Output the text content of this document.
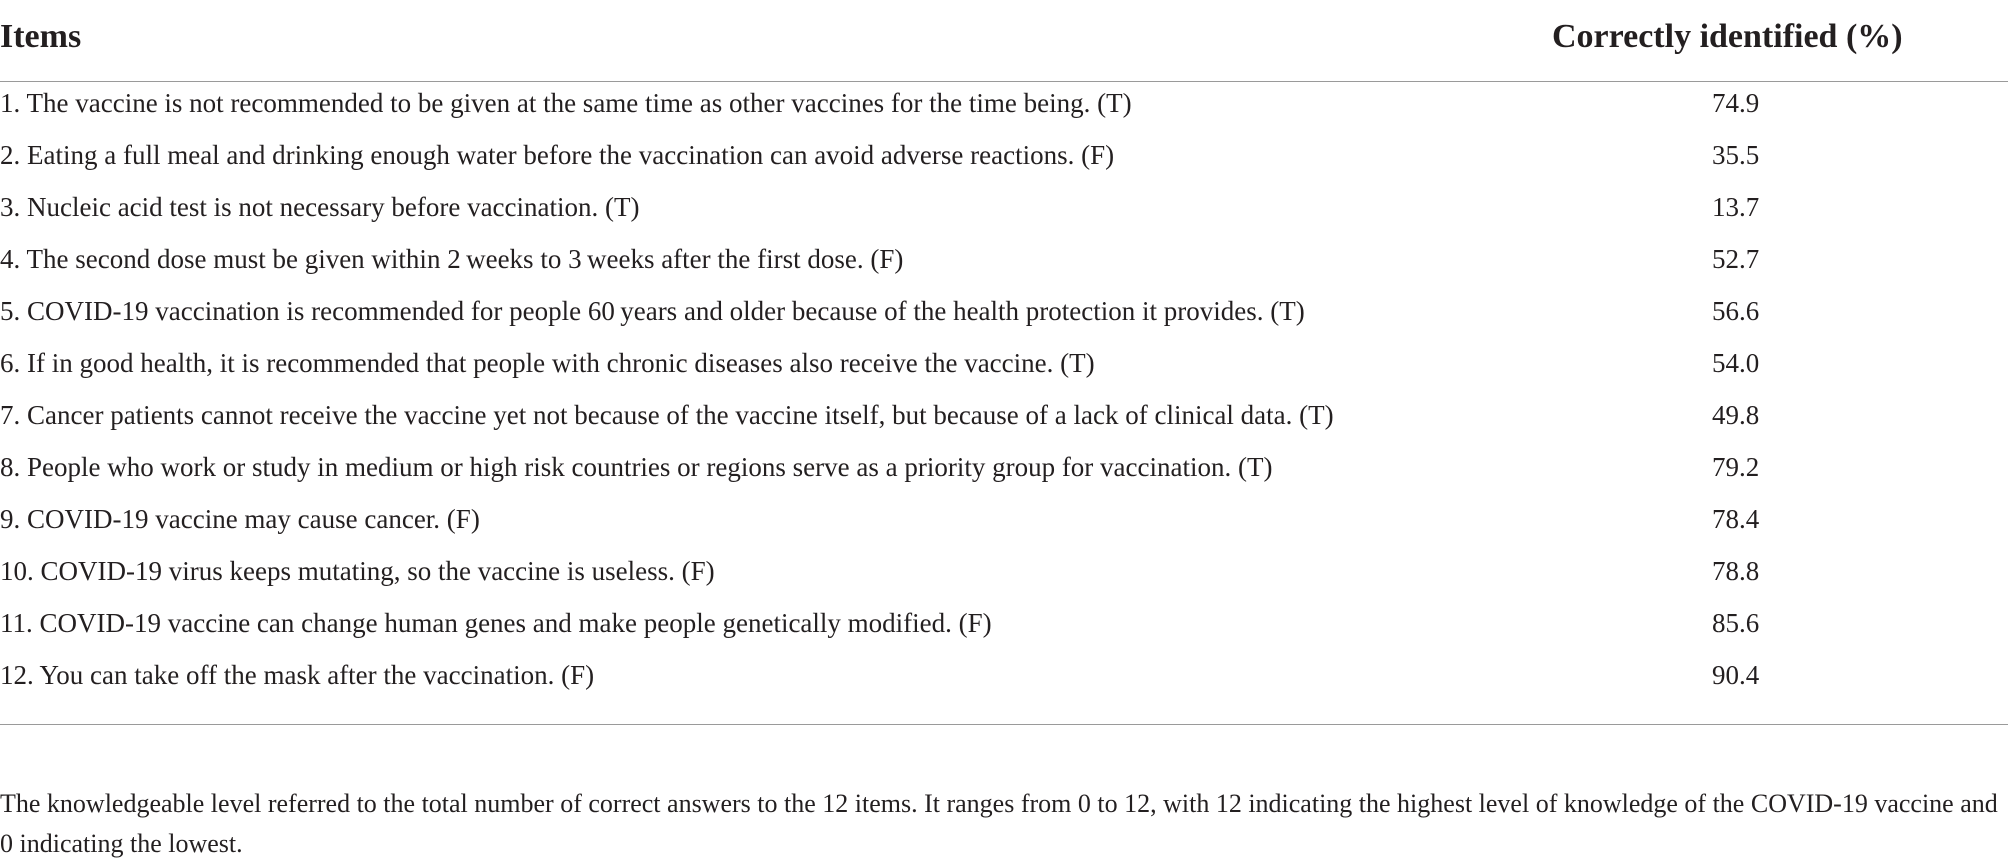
Items	Correctly identified (%)
1. The vaccine is not recommended to be given at the same time as other vaccines for the time being. (T)	74.9
2. Eating a full meal and drinking enough water before the vaccination can avoid adverse reactions. (F)	35.5
3. Nucleic acid test is not necessary before vaccination. (T)	13.7
4. The second dose must be given within 2 weeks to 3 weeks after the first dose. (F)	52.7
5. COVID-19 vaccination is recommended for people 60 years and older because of the health protection it provides. (T)	56.6
6. If in good health, it is recommended that people with chronic diseases also receive the vaccine. (T)	54.0
7. Cancer patients cannot receive the vaccine yet not because of the vaccine itself, but because of a lack of clinical data. (T)	49.8
8. People who work or study in medium or high risk countries or regions serve as a priority group for vaccination. (T)	79.2
9. COVID-19 vaccine may cause cancer. (F)	78.4
10. COVID-19 virus keeps mutating, so the vaccine is useless. (F)	78.8
11. COVID-19 vaccine can change human genes and make people genetically modified. (F)	85.6
12. You can take off the mask after the vaccination. (F)	90.4
The knowledgeable level referred to the total number of correct answers to the 12 items. It ranges from 0 to 12, with 12 indicating the highest level of knowledge of the COVID-19 vaccine and 0 indicating the lowest.
